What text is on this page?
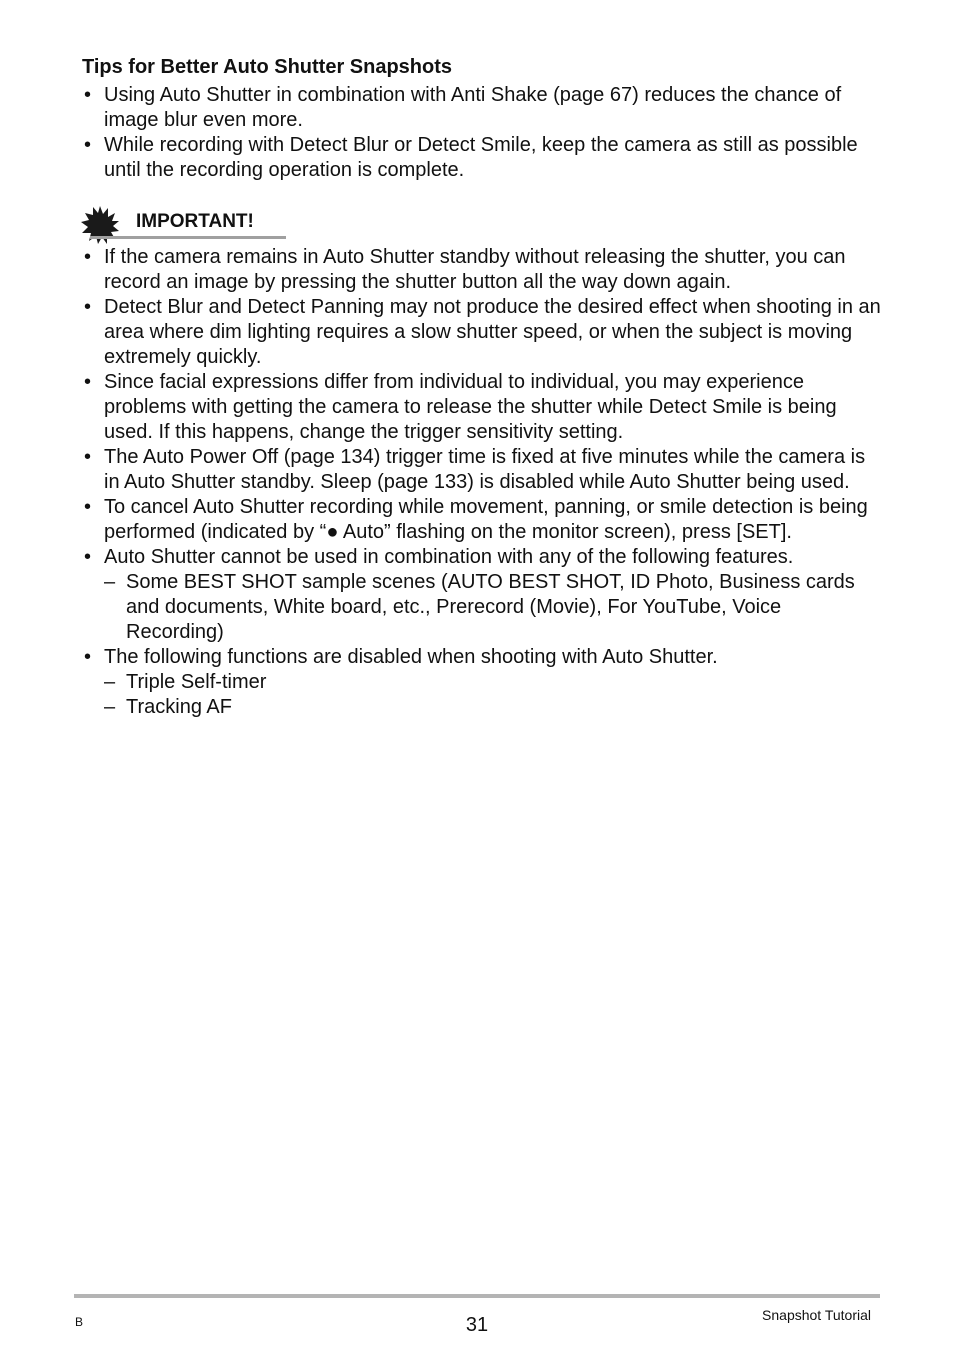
Tips for Better Auto Shutter Snapshots
• Using Auto Shutter in combination with Anti Shake (page 67) reduces the chance of image blur even more.
• While recording with Detect Blur or Detect Smile, keep the camera as still as possible until the recording operation is complete.
IMPORTANT!
• If the camera remains in Auto Shutter standby without releasing the shutter, you can record an image by pressing the shutter button all the way down again.
• Detect Blur and Detect Panning may not produce the desired effect when shooting in an area where dim lighting requires a slow shutter speed, or when the subject is moving extremely quickly.
• Since facial expressions differ from individual to individual, you may experience problems with getting the camera to release the shutter while Detect Smile is being used. If this happens, change the trigger sensitivity setting.
• The Auto Power Off (page 134) trigger time is fixed at five minutes while the camera is in Auto Shutter standby. Sleep (page 133) is disabled while Auto Shutter being used.
• To cancel Auto Shutter recording while movement, panning, or smile detection is being performed (indicated by “● Auto” flashing on the monitor screen), press [SET].
• Auto Shutter cannot be used in combination with any of the following features.
– Some BEST SHOT sample scenes (AUTO BEST SHOT, ID Photo, Business cards and documents, White board, etc., Prerecord (Movie), For YouTube, Voice Recording)
• The following functions are disabled when shooting with Auto Shutter.
– Triple Self-timer
– Tracking AF
B	31	Snapshot Tutorial
